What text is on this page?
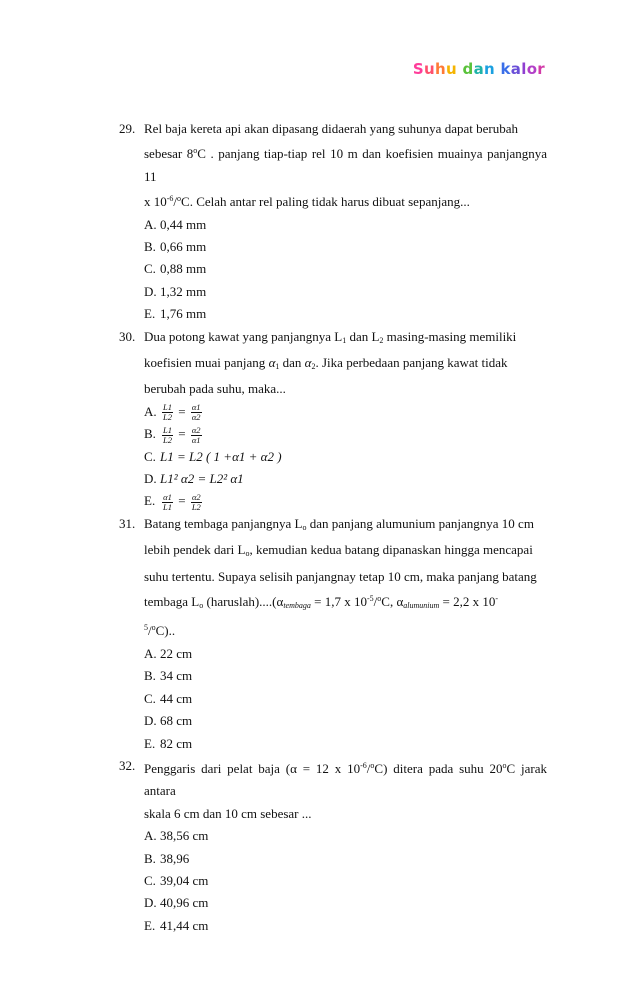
Suhu dan kalor
29. Rel baja kereta api akan dipasang didaerah yang suhunya dapat berubah
sebesar 8$^o$C . panjang tiap-tiap rel 10 m dan koefisien muainya panjangnya 11
x $10^{-6}/^oC$. Celah antar rel paling tidak harus dibuat sepanjang...
A. 0,44 mm
B. 0,66 mm
C. 0,88 mm
D. 1,32 mm
E. 1,76 mm
30. Dua potong kawat yang panjangnya $L_1$ dan $L_2$ masing-masing memiliki
koefisien muai panjang $\alpha_1$ dan $\alpha_2$. Jika perbedaan panjang kawat tidak
berubah pada suhu, maka...
A. $\frac{L1}{L2} = \frac{\alpha 1}{\alpha 2}$
B. $\frac{L1}{L2} = \frac{\alpha 2}{\alpha 1}$
C. L1 = L2 ( 1 +α1 + α2 )
D. L1² α2 = L2² α1
E. $\frac{\alpha 1}{L1} = \frac{\alpha 2}{L2}$
31. Batang tembaga panjangnya $L_o$ dan panjang alumunium panjangnya 10 cm
lebih pendek dari $L_o$, kemudian kedua batang dipanaskan hingga mencapai
suhu tertentu. Supaya selisih panjangnay tetap 10 cm, maka panjang batang
tembaga $L_o$ $(haruslah)....(\alpha_{tembaga} = 1,7$ x $10^{-5}/^oC$, $\alpha_{alumunium} = 2,2$ x 10-
$^5$/$^o$C)..
A. 22 cm
B. 34 cm
C. 44 cm
D. 68 cm
E. 82 cm
32. Penggaris dari pelat baja (α = 12 x $10^{-6}/^oC$) ditera pada suhu 20$^o$C jarak antara
skala 6 cm dan 10 cm sebesar ...
A. 38,56 cm
B. 38,96
C. 39,04 cm
D. 40,96 cm
E. 41,44 cm
